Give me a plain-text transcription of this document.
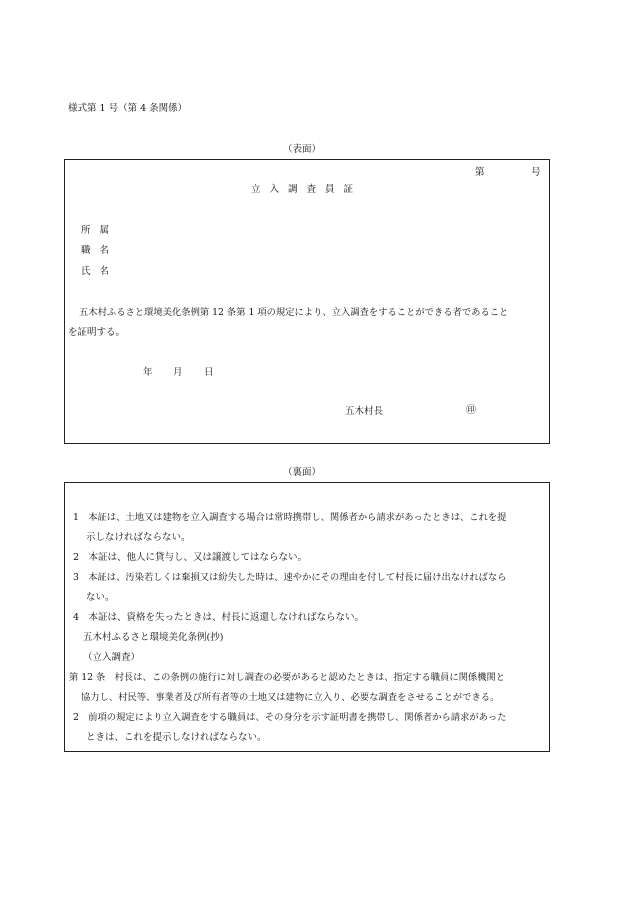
様式第 1 号（第 4 条関係）
（表面）
第	号
立入調査員証
所属
職名
氏名
五木村ふるさと環境美化条例第 12 条第 1 項の規定により、立入調査をすることができる者であること
を証明する。
年 月 日
五木村長	㊞
（裏面）
1　本証は、土地又は建物を立入調査する場合は常時携帯し、関係者から請求があったときは、これを提
示しなければならない。
2　本証は、他人に貸与し、又は譲渡してはならない。
3　本証は、汚染若しくは棄損又は紛失した時は、速やかにその理由を付して村長に届け出なければなら
ない。
4　本証は、資格を失ったときは、村長に返還しなければならない。
五木村ふるさと環境美化条例(抄)
（立入調査）
第 12 条　村長は、この条例の施行に対し調査の必要があると認めたときは、指定する職員に関係機関と
協力し、村民等、事業者及び所有者等の土地又は建物に立入り、必要な調査をさせることができる。
2　前項の規定により立入調査をする職員は、その身分を示す証明書を携帯し、関係者から請求があった
ときは、これを提示しなければならない。
